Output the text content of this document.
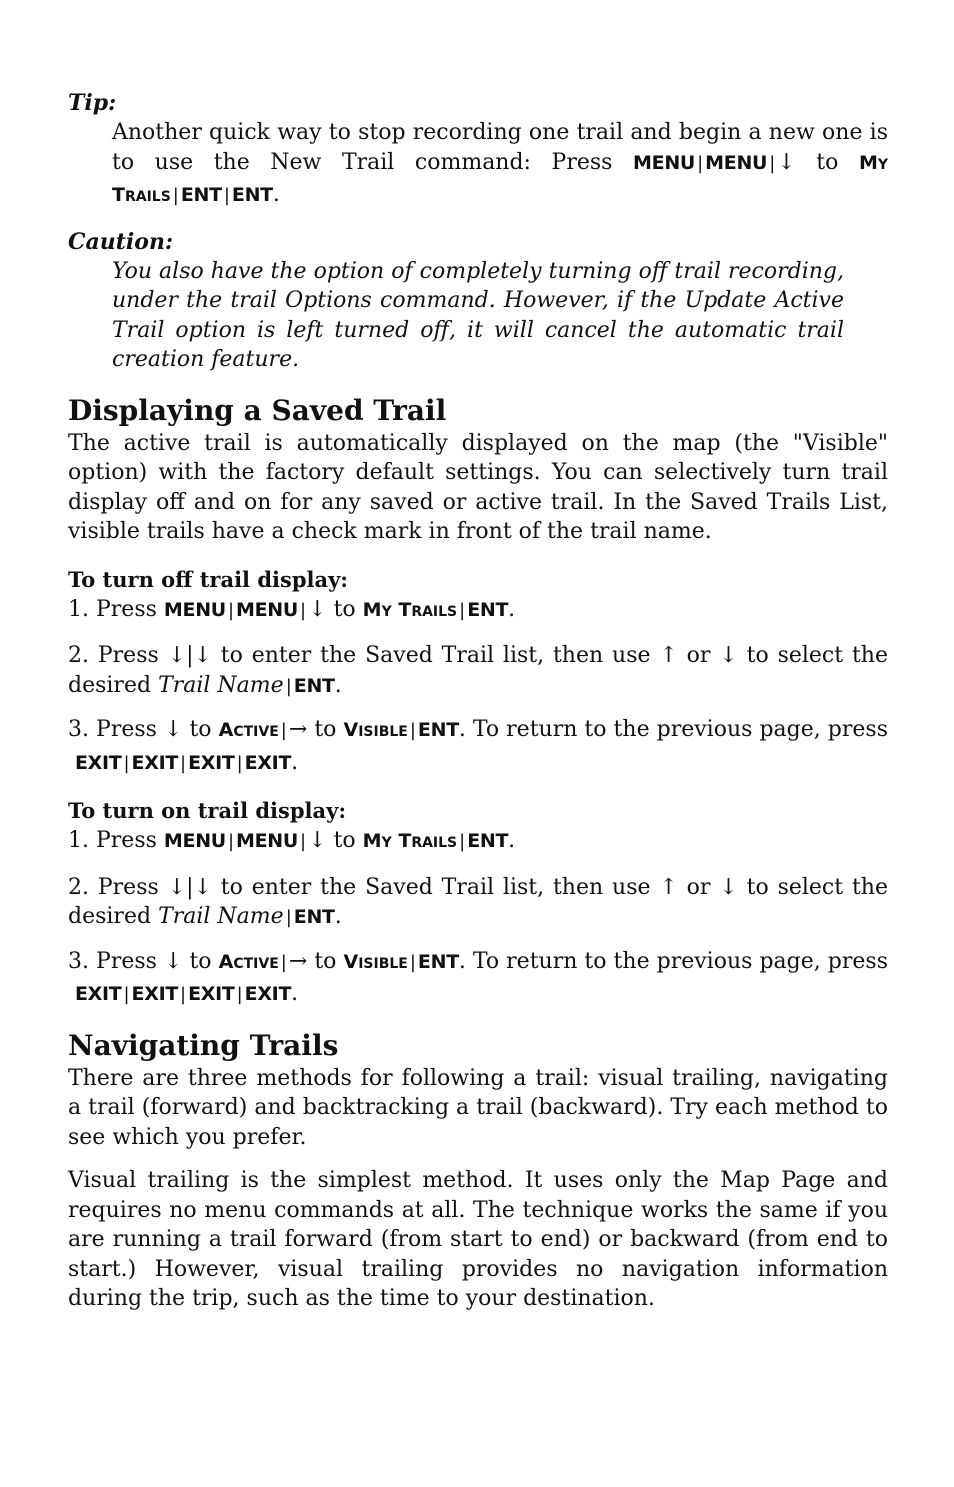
Tip:

Another quick way to stop recording one trail and begin a new one is to use the New Trail command: Press MENU | MENU |↓ to MY TRAILS | ENT | ENT.

Caution:

You also have the option of completely turning off trail recording, under the trail Options command. However, if the Update Active Trail option is left turned off, it will cancel the automatic trail creation feature.

Displaying a Saved Trail

The active trail is automatically displayed on the map (the "Visible" option) with the factory default settings. You can selectively turn trail display off and on for any saved or active trail. In the Saved Trails List, visible trails have a check mark in front of the trail name.

To turn off trail display:

1. Press MENU | MENU |↓ to MY TRAILS | ENT.

2. Press ↓|↓ to enter the Saved Trail list, then use ↑ or ↓ to select the desired Trail Name | ENT.

3. Press ↓ to ACTIVE |→ to VISIBLE | ENT. To return to the previous page, press  EXIT | EXIT | EXIT | EXIT.

To turn on trail display:

1. Press MENU | MENU |↓ to MY TRAILS | ENT.

2. Press ↓|↓ to enter the Saved Trail list, then use ↑ or ↓ to select the desired Trail Name | ENT.

3. Press ↓ to ACTIVE |→ to VISIBLE | ENT. To return to the previous page, press  EXIT | EXIT | EXIT | EXIT.

Navigating Trails

There are three methods for following a trail: visual trailing, navigating a trail (forward) and backtracking a trail (backward). Try each method to see which you prefer.

Visual trailing is the simplest method. It uses only the Map Page and requires no menu commands at all. The technique works the same if you are running a trail forward (from start to end) or backward (from end to start.) However, visual trailing provides no navigation information during the trip, such as the time to your destination.
